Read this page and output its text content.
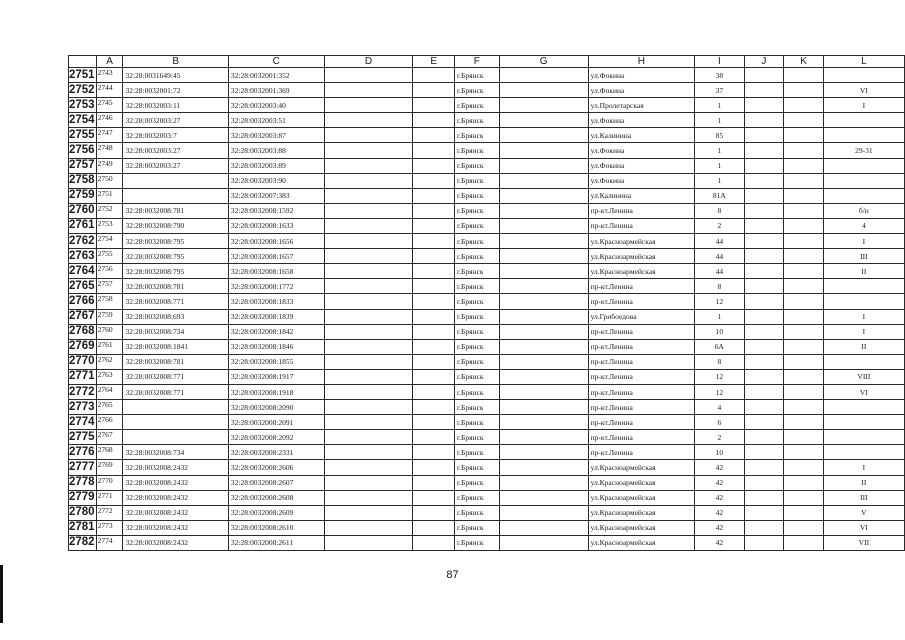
	A	B	C	D	E	F	G	H	I	J	K	L
2751	2743	32:28:0031649:45	32:28:0032001:352			г.Брянск		ул.Фокина	38			
2752	2744	32:28:0032001:72	32:28:0032001:369			г.Брянск		ул.Фокина	37			VI
2753	2745	32:28:0032003:11	32:28:0032003:40			г.Брянск		ул.Пролетарская	1			I
2754	2746	32:28:0032003:27	32:28:0032003:51			г.Брянск		ул.Фокина	1			
2755	2747	32:28:0032003:7	32:28:0032003:87			г.Брянск		ул.Калинина	85			
2756	2748	32:28:0032003:27	32:28:0032003:88			г.Брянск		ул.Фокина	1			29-31
2757	2749	32:28:0032003:27	32:28:0032003:89			г.Брянск		ул.Фокина	1			
2758	2750		32:28:0032003:90			г.Брянск		ул.Фокина	1			
2759	2751		32:28:0032007:383			г.Брянск		ул.Калинина	81А			
2760	2752	32:28:0032008:781	32:28:0032008:1592			г.Брянск		пр-кт.Ленина	8			б/н
2761	2753	32:28:0032008:790	32:28:0032008:1633			г.Брянск		пр-кт.Ленина	2			4
2762	2754	32:28:0032008:795	32:28:0032008:1656			г.Брянск		ул.Красноармейская	44			I
2763	2755	32:28:0032008:795	32:28:0032008:1657			г.Брянск		ул.Красноармейская	44			III
2764	2756	32:28:0032008:795	32:28:0032008:1658			г.Брянск		ул.Красноармейская	44			II
2765	2757	32:28:0032008:781	32:28:0032008:1772			г.Брянск		пр-кт.Ленина	8			
2766	2758	32:28:0032008:771	32:28:0032008:1833			г.Брянск		пр-кт.Ленина	12			
2767	2759	32:28:0032008:693	32:28:0032008:1839			г.Брянск		ул.Грибоедова	1			I
2768	2760	32:28:0032008:734	32:28:0032008:1842			г.Брянск		пр-кт.Ленина	10			I
2769	2761	32:28:0032008:1841	32:28:0032008:1846			г.Брянск		пр-кт.Ленина	6А			II
2770	2762	32:28:0032008:781	32:28:0032008:1855			г.Брянск		пр-кт.Ленина	8			
2771	2763	32:28:0032008:771	32:28:0032008:1917			г.Брянск		пр-кт.Ленина	12			VIII
2772	2764	32:28:0032008:771	32:28:0032008:1918			г.Брянск		пр-кт.Ленина	12			VI
2773	2765		32:28:0032008:2090			г.Брянск		пр-кт.Ленина	4			
2774	2766		32:28:0032008:2091			г.Брянск		пр-кт.Ленина	6			
2775	2767		32:28:0032008:2092			г.Брянск		пр-кт.Ленина	2			
2776	2768	32:28:0032008:734	32:28:0032008:2331			г.Брянск		пр-кт.Ленина	10			
2777	2769	32:28:0032008:2432	32:28:0032008:2606			г.Брянск		ул.Красноармейская	42			I
2778	2770	32:28:0032008:2432	32:28:0032008:2607			г.Брянск		ул.Красноармейская	42			II
2779	2771	32:28:0032008:2432	32:28:0032008:2608			г.Брянск		ул.Красноармейская	42			III
2780	2772	32:28:0032008:2432	32:28:0032008:2609			г.Брянск		ул.Красноармейская	42			V
2781	2773	32:28:0032008:2432	32:28:0032008:2610			г.Брянск		ул.Красноармейская	42			VI
2782	2774	32:28:0032008:2432	32:28:0032008:2611			г.Брянск		ул.Красноармейская	42			VII
87
